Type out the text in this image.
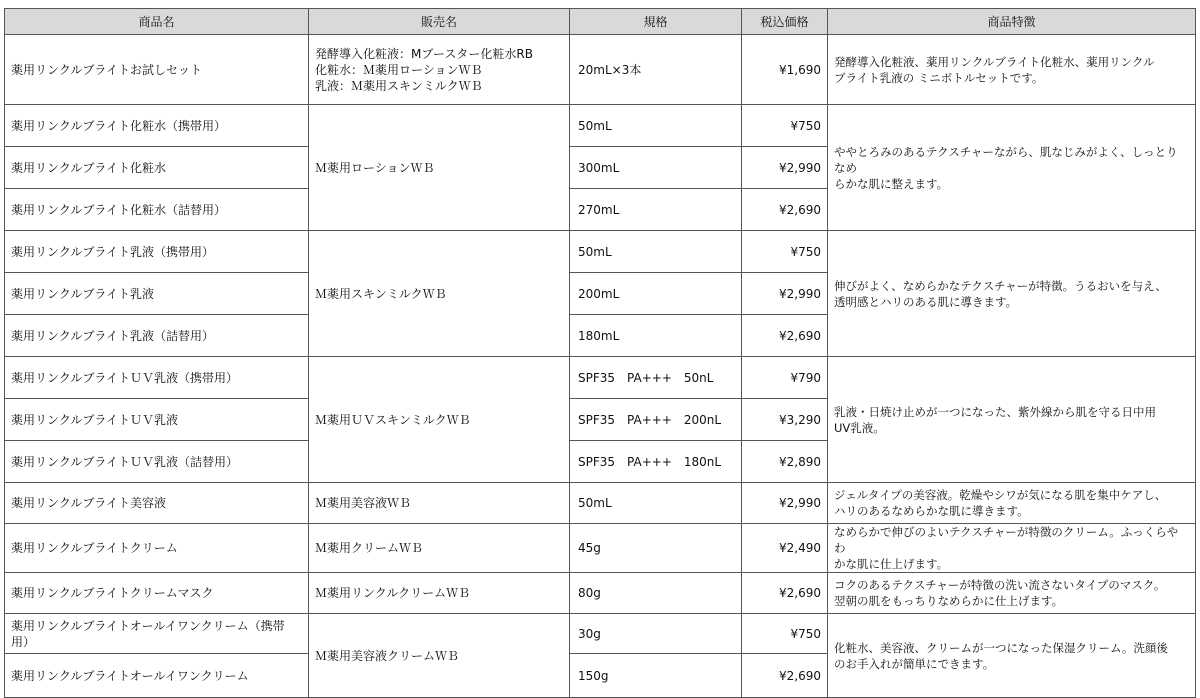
商品名	販売名	規格	税込価格	商品特徴
薬用リンクルブライトお試しセット	発酵導入化粧液：Mブースター化粧水RB
化粧水：Ｍ薬用ローションＷＢ
乳液：Ｍ薬用スキンミルクＷＢ	20mL×3本	¥1,690	発酵導入化粧液、薬用リンクルブライト化粧水、薬用リンクル
ブライト乳液の ミニボトルセットです。

薬用リンクルブライト化粧水（携帯用）	Ｍ薬用ローションＷＢ	50mL	¥750	ややとろみのあるテクスチャーながら、肌なじみがよく、しっとりなめ
らかな肌に整えます。

薬用リンクルブライト化粧水		300mL	¥2,990	
薬用リンクルブライト化粧水（詰替用）		270mL	¥2,690	
薬用リンクルブライト乳液（携帯用）	Ｍ薬用スキンミルクＷＢ	50mL	¥750	伸びがよく、なめらかなテクスチャーが特徴。うるおいを与え、
透明感とハリのある肌に導きます。

薬用リンクルブライト乳液		200mL	¥2,990	
薬用リンクルブライト乳液（詰替用）		180mL	¥2,690	
薬用リンクルブライトＵＶ乳液（携帯用）	Ｍ薬用ＵＶスキンミルクＷＢ	SPF35　PA+++　50nL	¥790	乳液・日焼け止めが一つになった、紫外線から肌を守る日中用
UV乳液。

薬用リンクルブライトＵＶ乳液		SPF35　PA+++　200nL	¥3,290	
薬用リンクルブライトＵＶ乳液（詰替用）		SPF35　PA+++　180nL	¥2,890	
薬用リンクルブライト美容液	Ｍ薬用美容液ＷＢ	50mL	¥2,990	ジェルタイプの美容液。乾燥やシワが気になる肌を集中ケアし、
ハリのあるなめらかな肌に導きます。

薬用リンクルブライトクリーム	Ｍ薬用クリームＷＢ	45g	¥2,490	なめらかで伸びのよいテクスチャーが特徴のクリーム。ふっくらやわ
かな肌に仕上げます。

薬用リンクルブライトクリームマスク	Ｍ薬用リンクルクリームＷＢ	80g	¥2,690	コクのあるテクスチャーが特徴の洗い流さないタイプのマスク。
翌朝の肌をもっちりなめらかに仕上げます。

薬用リンクルブライトオールイワンクリーム（携帯用）	Ｍ薬用美容液クリームＷＢ	30g	¥750	化粧水、美容液、クリームが一つになった保湿クリーム。洗顔後
のお手入れが簡単にできます。

薬用リンクルブライトオールイワンクリーム		150g	¥2,690	
